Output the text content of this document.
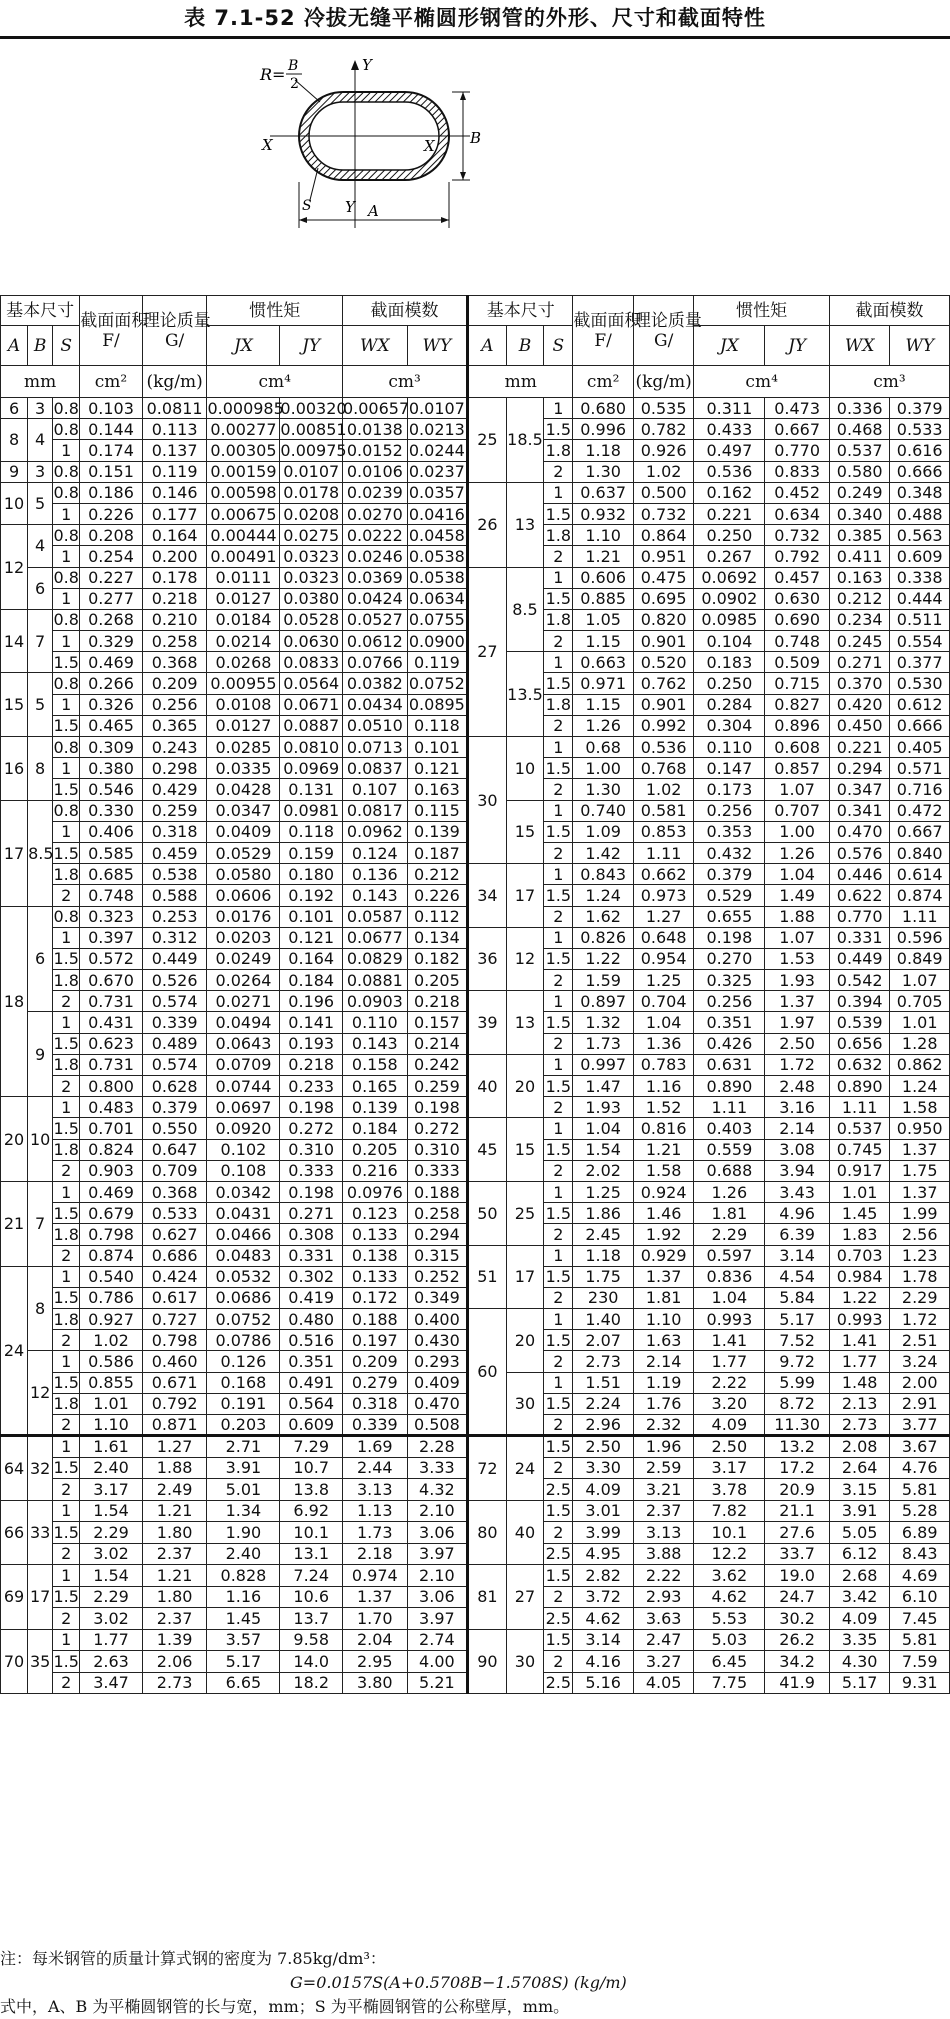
表 7.1-52 冷拔无缝平椭圆形钢管的外形、尺寸和截面特性
R= B
2
Y
Y
X	X
S
B
A
基本尺寸			截面面积
F/	理论质量
G/	惯性矩		截面模数		基本尺寸			截面面积
F/	理论质量
G/	惯性矩		截面模数	
A	B	S			JX	JY	WX	WY	A	B	S			JX	JY	WX	WY
mm			cm²	(kg/m)	cm⁴		cm³		mm			cm²	(kg/m)	cm⁴		cm³	
6	3	0.8	0.103	0.0811	0.000985	0.00320	0.00657	0.0107	25	18.5	1	0.680	0.535	0.311	0.473	0.336	0.379
8	4	0.8	0.144	0.113	0.00277	0.00851	0.0138	0.0213			1.5	0.996	0.782	0.433	0.667	0.468	0.533
		1	0.174	0.137	0.00305	0.00975	0.0152	0.0244			1.8	1.18	0.926	0.497	0.770	0.537	0.616
9	3	0.8	0.151	0.119	0.00159	0.0107	0.0106	0.0237			2	1.30	1.02	0.536	0.833	0.580	0.666
10	5	0.8	0.186	0.146	0.00598	0.0178	0.0239	0.0357	26	13	1	0.637	0.500	0.162	0.452	0.249	0.348
		1	0.226	0.177	0.00675	0.0208	0.0270	0.0416			1.5	0.932	0.732	0.221	0.634	0.340	0.488
12	4	0.8	0.208	0.164	0.00444	0.0275	0.0222	0.0458			1.8	1.10	0.864	0.250	0.732	0.385	0.563
		1	0.254	0.200	0.00491	0.0323	0.0246	0.0538			2	1.21	0.951	0.267	0.792	0.411	0.609
	6	0.8	0.227	0.178	0.0111	0.0323	0.0369	0.0538	27	8.5	1	0.606	0.475	0.0692	0.457	0.163	0.338
		1	0.277	0.218	0.0127	0.0380	0.0424	0.0634			1.5	0.885	0.695	0.0902	0.630	0.212	0.444
14	7	0.8	0.268	0.210	0.0184	0.0528	0.0527	0.0755			1.8	1.05	0.820	0.0985	0.690	0.234	0.511
		1	0.329	0.258	0.0214	0.0630	0.0612	0.0900			2	1.15	0.901	0.104	0.748	0.245	0.554
		1.5	0.469	0.368	0.0268	0.0833	0.0766	0.119		13.5	1	0.663	0.520	0.183	0.509	0.271	0.377
15	5	0.8	0.266	0.209	0.00955	0.0564	0.0382	0.0752			1.5	0.971	0.762	0.250	0.715	0.370	0.530
		1	0.326	0.256	0.0108	0.0671	0.0434	0.0895			1.8	1.15	0.901	0.284	0.827	0.420	0.612
		1.5	0.465	0.365	0.0127	0.0887	0.0510	0.118			2	1.26	0.992	0.304	0.896	0.450	0.666
16	8	0.8	0.309	0.243	0.0285	0.0810	0.0713	0.101	30	10	1	0.68	0.536	0.110	0.608	0.221	0.405
		1	0.380	0.298	0.0335	0.0969	0.0837	0.121			1.5	1.00	0.768	0.147	0.857	0.294	0.571
		1.5	0.546	0.429	0.0428	0.131	0.107	0.163			2	1.30	1.02	0.173	1.07	0.347	0.716
17	8.5	0.8	0.330	0.259	0.0347	0.0981	0.0817	0.115		15	1	0.740	0.581	0.256	0.707	0.341	0.472
		1	0.406	0.318	0.0409	0.118	0.0962	0.139			1.5	1.09	0.853	0.353	1.00	0.470	0.667
		1.5	0.585	0.459	0.0529	0.159	0.124	0.187			2	1.42	1.11	0.432	1.26	0.576	0.840
		1.8	0.685	0.538	0.0580	0.180	0.136	0.212	34	17	1	0.843	0.662	0.379	1.04	0.446	0.614
		2	0.748	0.588	0.0606	0.192	0.143	0.226			1.5	1.24	0.973	0.529	1.49	0.622	0.874
18	6	0.8	0.323	0.253	0.0176	0.101	0.0587	0.112			2	1.62	1.27	0.655	1.88	0.770	1.11
		1	0.397	0.312	0.0203	0.121	0.0677	0.134	36	12	1	0.826	0.648	0.198	1.07	0.331	0.596
		1.5	0.572	0.449	0.0249	0.164	0.0829	0.182			1.5	1.22	0.954	0.270	1.53	0.449	0.849
		1.8	0.670	0.526	0.0264	0.184	0.0881	0.205			2	1.59	1.25	0.325	1.93	0.542	1.07
		2	0.731	0.574	0.0271	0.196	0.0903	0.218	39	13	1	0.897	0.704	0.256	1.37	0.394	0.705
	9	1	0.431	0.339	0.0494	0.141	0.110	0.157			1.5	1.32	1.04	0.351	1.97	0.539	1.01
		1.5	0.623	0.489	0.0643	0.193	0.143	0.214			2	1.73	1.36	0.426	2.50	0.656	1.28
		1.8	0.731	0.574	0.0709	0.218	0.158	0.242	40	20	1	0.997	0.783	0.631	1.72	0.632	0.862
		2	0.800	0.628	0.0744	0.233	0.165	0.259			1.5	1.47	1.16	0.890	2.48	0.890	1.24
20	10	1	0.483	0.379	0.0697	0.198	0.139	0.198			2	1.93	1.52	1.11	3.16	1.11	1.58
		1.5	0.701	0.550	0.0920	0.272	0.184	0.272	45	15	1	1.04	0.816	0.403	2.14	0.537	0.950
		1.8	0.824	0.647	0.102	0.310	0.205	0.310			1.5	1.54	1.21	0.559	3.08	0.745	1.37
		2	0.903	0.709	0.108	0.333	0.216	0.333			2	2.02	1.58	0.688	3.94	0.917	1.75
21	7	1	0.469	0.368	0.0342	0.198	0.0976	0.188	50	25	1	1.25	0.924	1.26	3.43	1.01	1.37
		1.5	0.679	0.533	0.0431	0.271	0.123	0.258			1.5	1.86	1.46	1.81	4.96	1.45	1.99
		1.8	0.798	0.627	0.0466	0.308	0.133	0.294			2	2.45	1.92	2.29	6.39	1.83	2.56
		2	0.874	0.686	0.0483	0.331	0.138	0.315	51	17	1	1.18	0.929	0.597	3.14	0.703	1.23
24	8	1	0.540	0.424	0.0532	0.302	0.133	0.252			1.5	1.75	1.37	0.836	4.54	0.984	1.78
		1.5	0.786	0.617	0.0686	0.419	0.172	0.349			2	230	1.81	1.04	5.84	1.22	2.29
		1.8	0.927	0.727	0.0752	0.480	0.188	0.400	60	20	1	1.40	1.10	0.993	5.17	0.993	1.72
		2	1.02	0.798	0.0786	0.516	0.197	0.430			1.5	2.07	1.63	1.41	7.52	1.41	2.51
	12	1	0.586	0.460	0.126	0.351	0.209	0.293			2	2.73	2.14	1.77	9.72	1.77	3.24
		1.5	0.855	0.671	0.168	0.491	0.279	0.409		30	1	1.51	1.19	2.22	5.99	1.48	2.00
		1.8	1.01	0.792	0.191	0.564	0.318	0.470			1.5	2.24	1.76	3.20	8.72	2.13	2.91
		2	1.10	0.871	0.203	0.609	0.339	0.508			2	2.96	2.32	4.09	11.30	2.73	3.77
64	32	1	1.61	1.27	2.71	7.29	1.69	2.28	72	24	1.5	2.50	1.96	2.50	13.2	2.08	3.67
		1.5	2.40	1.88	3.91	10.7	2.44	3.33			2	3.30	2.59	3.17	17.2	2.64	4.76
		2	3.17	2.49	5.01	13.8	3.13	4.32			2.5	4.09	3.21	3.78	20.9	3.15	5.81
66	33	1	1.54	1.21	1.34	6.92	1.13	2.10	80	40	1.5	3.01	2.37	7.82	21.1	3.91	5.28
		1.5	2.29	1.80	1.90	10.1	1.73	3.06			2	3.99	3.13	10.1	27.6	5.05	6.89
		2	3.02	2.37	2.40	13.1	2.18	3.97			2.5	4.95	3.88	12.2	33.7	6.12	8.43
69	17	1	1.54	1.21	0.828	7.24	0.974	2.10	81	27	1.5	2.82	2.22	3.62	19.0	2.68	4.69
		1.5	2.29	1.80	1.16	10.6	1.37	3.06			2	3.72	2.93	4.62	24.7	3.42	6.10
		2	3.02	2.37	1.45	13.7	1.70	3.97			2.5	4.62	3.63	5.53	30.2	4.09	7.45
70	35	1	1.77	1.39	3.57	9.58	2.04	2.74	90	30	1.5	3.14	2.47	5.03	26.2	3.35	5.81
		1.5	2.63	2.06	5.17	14.0	2.95	4.00			2	4.16	3.27	6.45	34.2	4.30	7.59
		2	3.47	2.73	6.65	18.2	3.80	5.21			2.5	5.16	4.05	7.75	41.9	5.17	9.31
注：每米钢管的质量计算式钢的密度为 7.85kg/dm³：
G=0.0157S(A+0.5708B−1.5708S) (kg/m)
式中，A、B 为平椭圆钢管的长与宽，mm；S 为平椭圆钢管的公称壁厚，mm。
